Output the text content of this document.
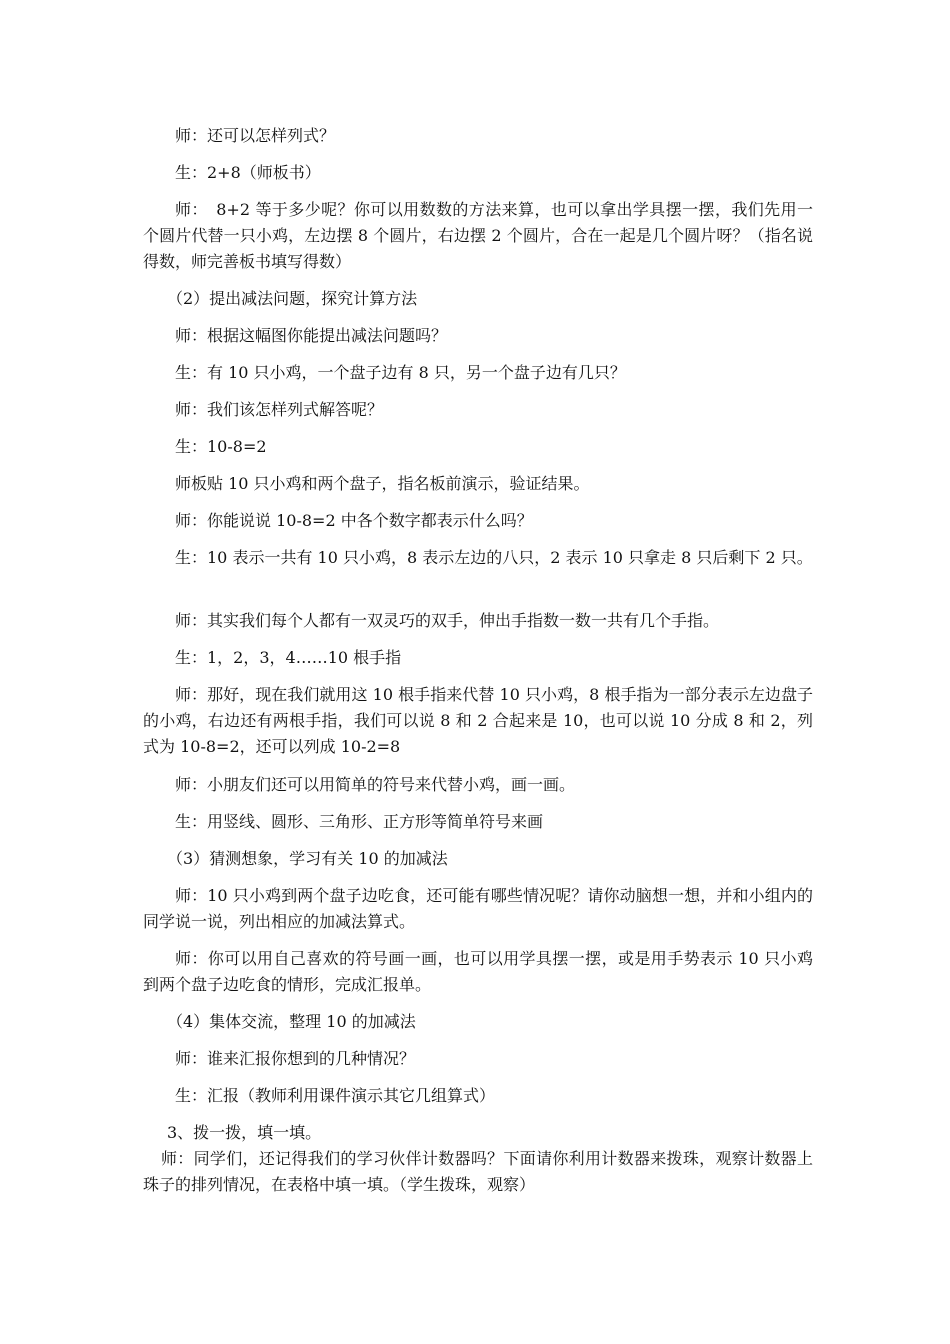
师：还可以怎样列式？
生：2+8（师板书）
师：　8+2 等于多少呢？你可以用数数的方法来算，也可以拿出学具摆一摆，我们先用一个圆片代替一只小鸡，左边摆 8 个圆片，右边摆 2 个圆片，合在一起是几个圆片呀？（指名说得数，师完善板书填写得数）
（2）提出减法问题，探究计算方法
师：根据这幅图你能提出减法问题吗？
生：有 10 只小鸡，一个盘子边有 8 只，另一个盘子边有几只？
师：我们该怎样列式解答呢？
生：10-8=2
师板贴 10 只小鸡和两个盘子，指名板前演示，验证结果。
师：你能说说 10-8=2 中各个数字都表示什么吗？
生：10 表示一共有 10 只小鸡，8 表示左边的八只，2 表示 10 只拿走 8 只后剩下 2 只。
师：其实我们每个人都有一双灵巧的双手，伸出手指数一数一共有几个手指。
生：1，2，3，4……10 根手指
师：那好，现在我们就用这 10 根手指来代替 10 只小鸡，8 根手指为一部分表示左边盘子的小鸡，右边还有两根手指，我们可以说 8 和 2 合起来是 10，也可以说 10 分成 8 和 2，列式为 10-8=2，还可以列成 10-2=8
师：小朋友们还可以用简单的符号来代替小鸡，画一画。
生：用竖线、圆形、三角形、正方形等简单符号来画
（3）猜测想象，学习有关 10 的加减法
师：10 只小鸡到两个盘子边吃食，还可能有哪些情况呢？请你动脑想一想，并和小组内的同学说一说，列出相应的加减法算式。
师：你可以用自己喜欢的符号画一画，也可以用学具摆一摆，或是用手势表示 10 只小鸡到两个盘子边吃食的情形，完成汇报单。
（4）集体交流，整理 10 的加减法
师：谁来汇报你想到的几种情况？
生：汇报（教师利用课件演示其它几组算式）
3、拨一拨，填一填。
师：同学们，还记得我们的学习伙伴计数器吗？下面请你利用计数器来拨珠，观察计数器上珠子的排列情况，在表格中填一填。（学生拨珠，观察）
